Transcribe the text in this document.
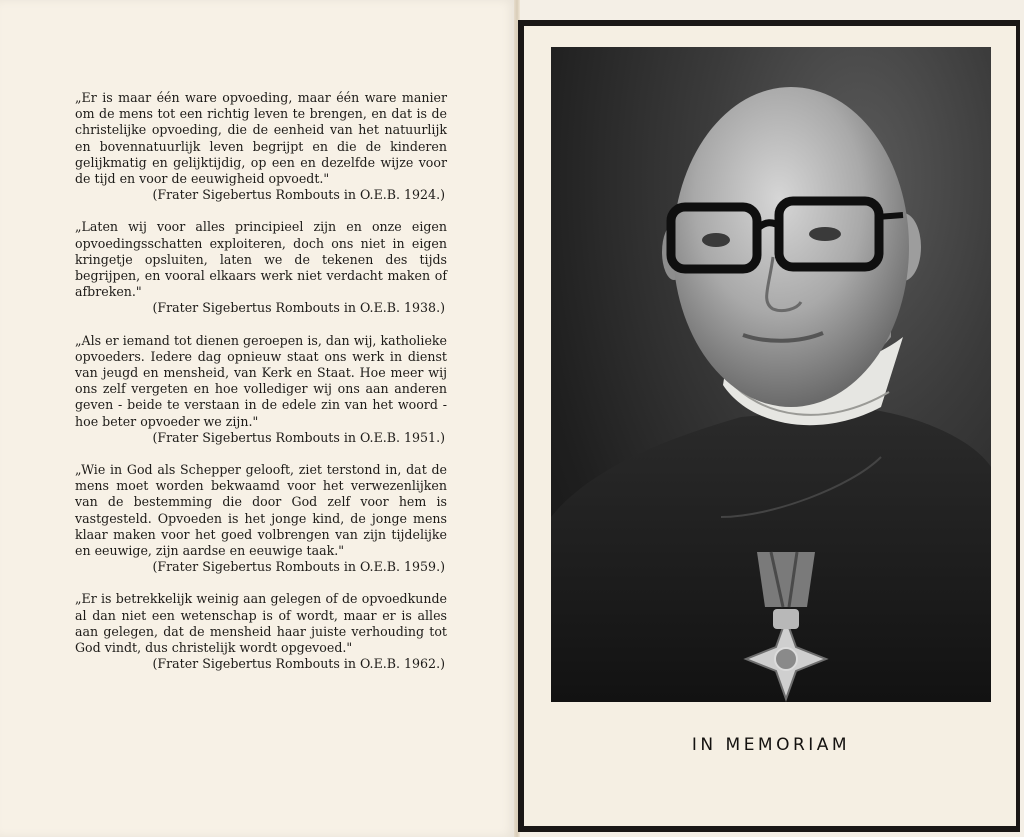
„Er is maar één ware opvoeding, maar één ware manier om de mens tot een richtig leven te brengen, en dat is de christelijke opvoeding, die de eenheid van het natuurlijk en bovennatuurlijk leven begrijpt en die de kinderen gelijkmatig en gelijktijdig, op een en dezelfde wijze voor de tijd en voor de eeuwigheid opvoedt."
(Frater Sigebertus Rombouts in O.E.B. 1924.)
„Laten wij voor alles principieel zijn en onze eigen opvoedingsschatten exploiteren, doch ons niet in eigen kringetje opsluiten, laten we de tekenen des tijds begrijpen, en vooral elkaars werk niet verdacht maken of afbreken."
(Frater Sigebertus Rombouts in O.E.B. 1938.)
„Als er iemand tot dienen geroepen is, dan wij, katholieke opvoeders. Iedere dag opnieuw staat ons werk in dienst van jeugd en mensheid, van Kerk en Staat. Hoe meer wij ons zelf vergeten en hoe vollediger wij ons aan anderen geven - beide te verstaan in de edele zin van het woord - hoe beter opvoeder we zijn."
(Frater Sigebertus Rombouts in O.E.B. 1951.)
„Wie in God als Schepper gelooft, ziet terstond in, dat de mens moet worden bekwaamd voor het verwezenlijken van de bestemming die door God zelf voor hem is vastgesteld. Opvoeden is het jonge kind, de jonge mens klaar maken voor het goed volbrengen van zijn tijdelijke en eeuwige, zijn aardse en eeuwige taak."
(Frater Sigebertus Rombouts in O.E.B. 1959.)
„Er is betrekkelijk weinig aan gelegen of de opvoedkunde al dan niet een wetenschap is of wordt, maar er is alles aan gelegen, dat de mensheid haar juiste verhouding tot God vindt, dus christelijk wordt opgevoed."
(Frater Sigebertus Rombouts in O.E.B. 1962.)
IN MEMORIAM
